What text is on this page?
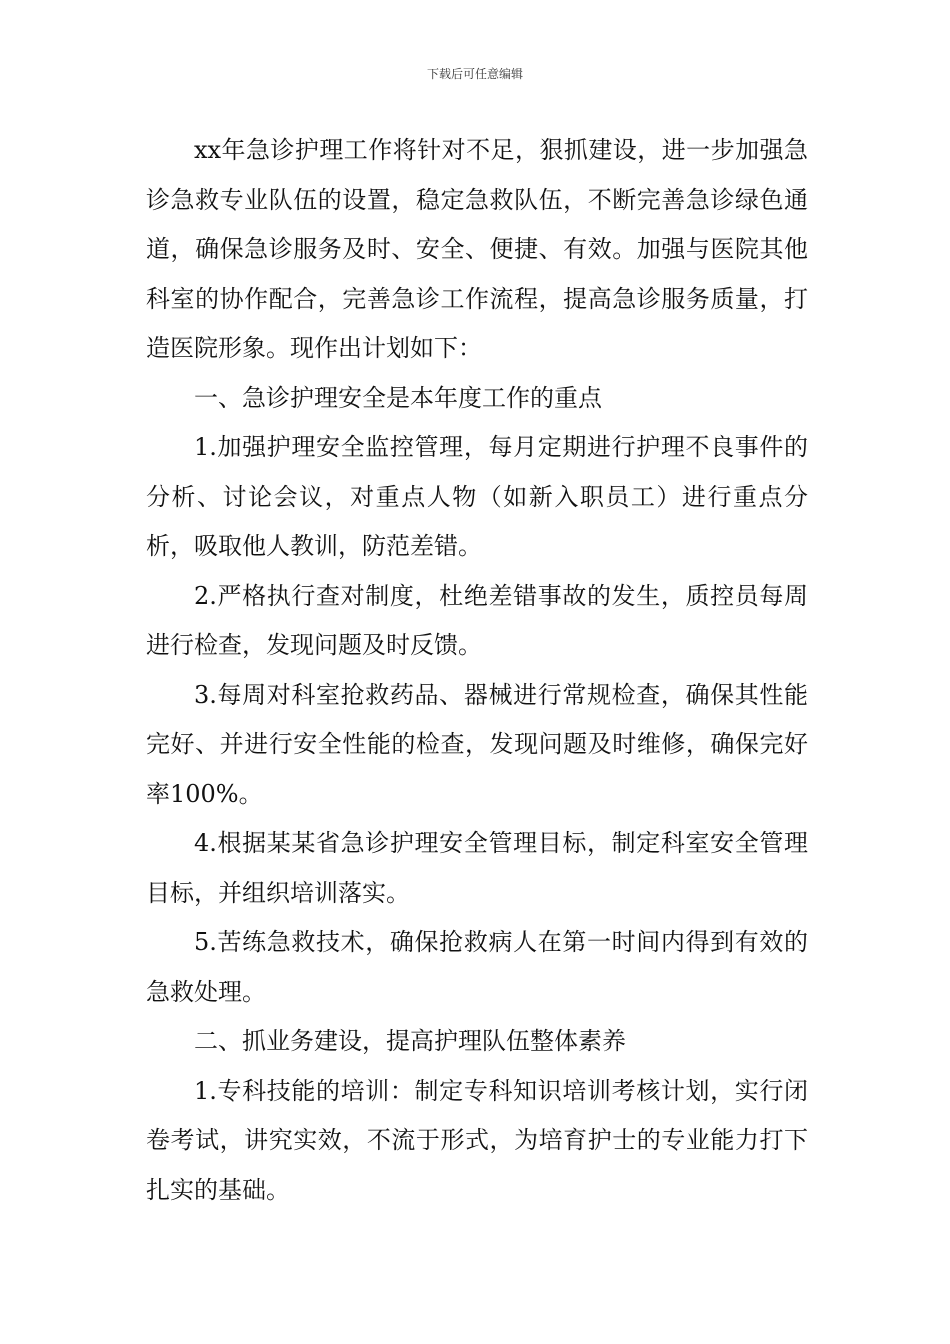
下载后可任意编辑

xx年急诊护理工作将针对不足，狠抓建设，进一步加强急诊急救专业队伍的设置，稳定急救队伍，不断完善急诊绿色通道，确保急诊服务及时、安全、便捷、有效。加强与医院其他科室的协作配合，完善急诊工作流程，提高急诊服务质量，打造医院形象。现作出计划如下：

一、急诊护理安全是本年度工作的重点

1.加强护理安全监控管理，每月定期进行护理不良事件的分析、讨论会议，对重点人物（如新入职员工）进行重点分析，吸取他人教训，防范差错。

2.严格执行查对制度，杜绝差错事故的发生，质控员每周进行检查，发现问题及时反馈。

3.每周对科室抢救药品、器械进行常规检查，确保其性能完好、并进行安全性能的检查，发现问题及时维修，确保完好率100%。

4.根据某某省急诊护理安全管理目标，制定科室安全管理目标，并组织培训落实。

5.苦练急救技术，确保抢救病人在第一时间内得到有效的急救处理。

二、抓业务建设，提高护理队伍整体素养

1.专科技能的培训：制定专科知识培训考核计划，实行闭卷考试，讲究实效，不流于形式，为培育护士的专业能力打下扎实的基础。
